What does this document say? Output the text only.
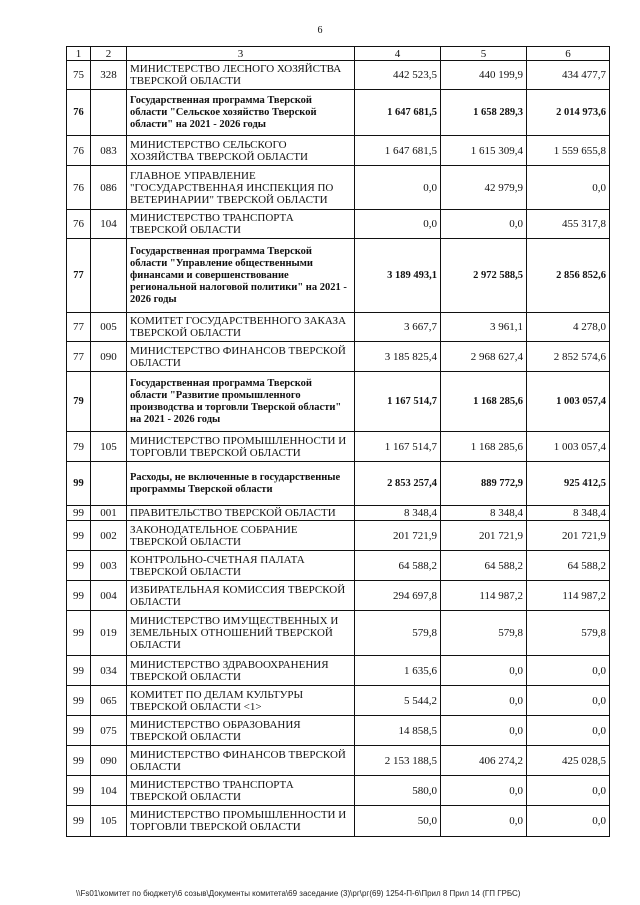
6
1	2	3	4	5	6
75	328	МИНИСТЕРСТВО ЛЕСНОГО ХОЗЯЙСТВА ТВЕРСКОЙ ОБЛАСТИ	442 523,5	440 199,9	434 477,7
76		Государственная программа Тверской области "Сельское хозяйство Тверской области" на 2021 - 2026 годы	1 647 681,5	1 658 289,3	2 014 973,6
76	083	МИНИСТЕРСТВО СЕЛЬСКОГО ХОЗЯЙСТВА ТВЕРСКОЙ ОБЛАСТИ	1 647 681,5	1 615 309,4	1 559 655,8
76	086	ГЛАВНОЕ УПРАВЛЕНИЕ "ГОСУДАРСТВЕННАЯ ИНСПЕКЦИЯ ПО ВЕТЕРИНАРИИ" ТВЕРСКОЙ ОБЛАСТИ	0,0	42 979,9	0,0
76	104	МИНИСТЕРСТВО ТРАНСПОРТА ТВЕРСКОЙ ОБЛАСТИ	0,0	0,0	455 317,8
77		Государственная программа Тверской области "Управление общественными финансами и совершенствование региональной налоговой политики" на 2021 - 2026 годы	3 189 493,1	2 972 588,5	2 856 852,6
77	005	КОМИТЕТ ГОСУДАРСТВЕННОГО ЗАКАЗА ТВЕРСКОЙ ОБЛАСТИ	3 667,7	3 961,1	4 278,0
77	090	МИНИСТЕРСТВО ФИНАНСОВ ТВЕРСКОЙ ОБЛАСТИ	3 185 825,4	2 968 627,4	2 852 574,6
79		Государственная программа Тверской области "Развитие промышленного производства и торговли Тверской области" на 2021 - 2026 годы	1 167 514,7	1 168 285,6	1 003 057,4
79	105	МИНИСТЕРСТВО ПРОМЫШЛЕННОСТИ И ТОРГОВЛИ ТВЕРСКОЙ ОБЛАСТИ	1 167 514,7	1 168 285,6	1 003 057,4
99		Расходы, не включенные в государственные программы Тверской области	2 853 257,4	889 772,9	925 412,5
99	001	ПРАВИТЕЛЬСТВО ТВЕРСКОЙ ОБЛАСТИ	8 348,4	8 348,4	8 348,4
99	002	ЗАКОНОДАТЕЛЬНОЕ СОБРАНИЕ ТВЕРСКОЙ ОБЛАСТИ	201 721,9	201 721,9	201 721,9
99	003	КОНТРОЛЬНО-СЧЕТНАЯ ПАЛАТА ТВЕРСКОЙ ОБЛАСТИ	64 588,2	64 588,2	64 588,2
99	004	ИЗБИРАТЕЛЬНАЯ КОМИССИЯ ТВЕРСКОЙ ОБЛАСТИ	294 697,8	114 987,2	114 987,2
99	019	МИНИСТЕРСТВО ИМУЩЕСТВЕННЫХ И ЗЕМЕЛЬНЫХ ОТНОШЕНИЙ ТВЕРСКОЙ ОБЛАСТИ	579,8	579,8	579,8
99	034	МИНИСТЕРСТВО ЗДРАВООХРАНЕНИЯ ТВЕРСКОЙ ОБЛАСТИ	1 635,6	0,0	0,0
99	065	КОМИТЕТ ПО ДЕЛАМ КУЛЬТУРЫ ТВЕРСКОЙ ОБЛАСТИ <1>	5 544,2	0,0	0,0
99	075	МИНИСТЕРСТВО ОБРАЗОВАНИЯ ТВЕРСКОЙ ОБЛАСТИ	14 858,5	0,0	0,0
99	090	МИНИСТЕРСТВО ФИНАНСОВ ТВЕРСКОЙ ОБЛАСТИ	2 153 188,5	406 274,2	425 028,5
99	104	МИНИСТЕРСТВО ТРАНСПОРТА ТВЕРСКОЙ ОБЛАСТИ	580,0	0,0	0,0
99	105	МИНИСТЕРСТВО ПРОМЫШЛЕННОСТИ И ТОРГОВЛИ ТВЕРСКОЙ ОБЛАСТИ	50,0	0,0	0,0
\\Fs01\комитет по бюджету\6 созыв\Документы комитета\69 заседание (3)\рг\рг(69) 1254-П-6\Прил 8 Прил 14 (ГП ГРБС)
